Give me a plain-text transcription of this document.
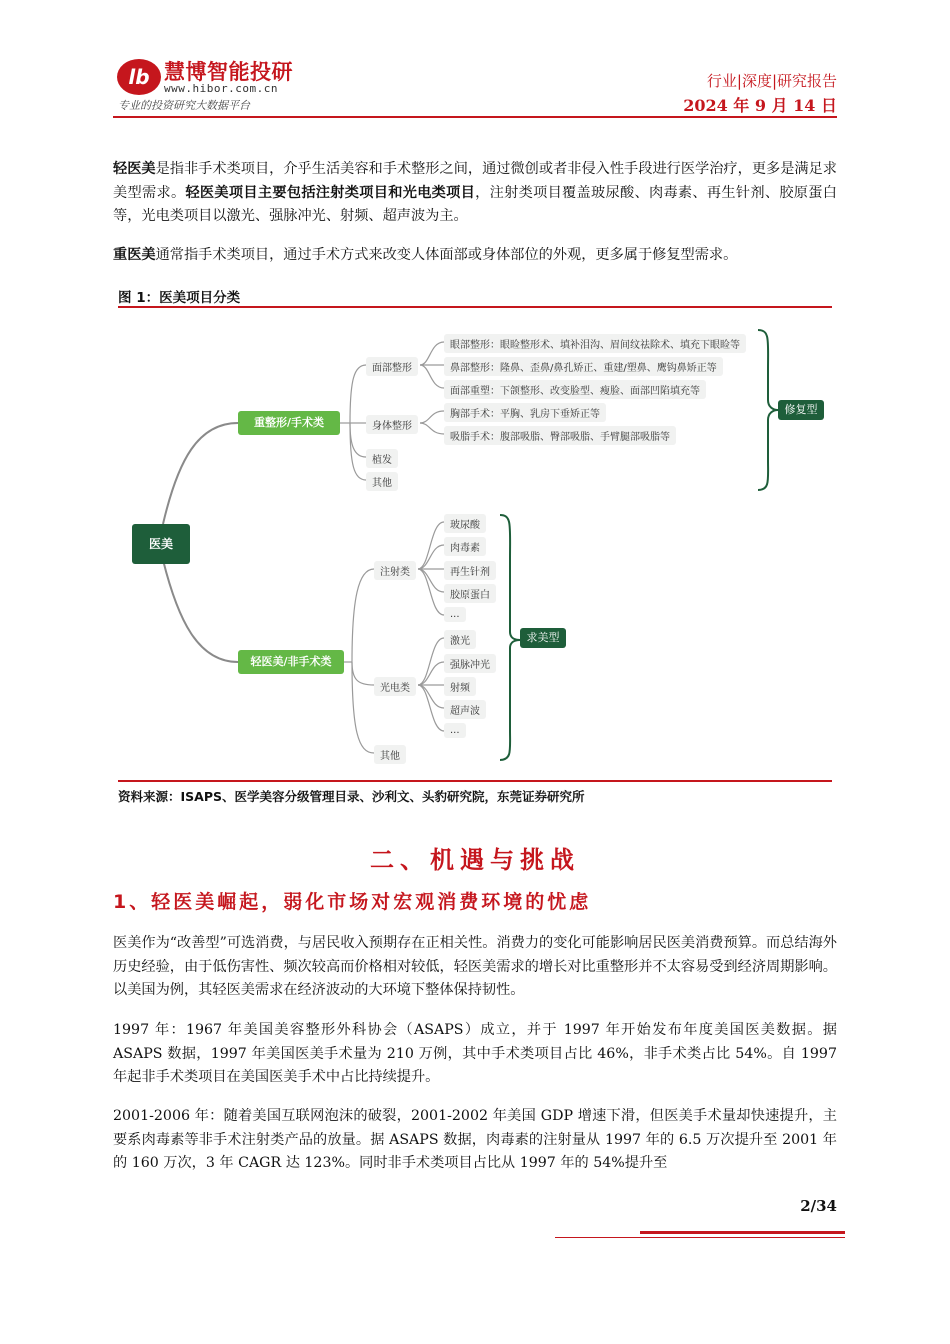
lb 慧博智能投研
www.hibor.com.cn
专业的投资研究大数据平台
行业|深度|研究报告
2024 年 9 月 14 日
轻医美是指非手术类项目，介乎生活美容和手术整形之间，通过微创或者非侵入性手段进行医学治疗，更多是满足求美型需求。轻医美项目主要包括注射类项目和光电类项目，注射类项目覆盖玻尿酸、肉毒素、再生针剂、胶原蛋白等，光电类项目以激光、强脉冲光、射频、超声波为主。
重医美通常指手术类项目，通过手术方式来改变人体面部或身体部位的外观，更多属于修复型需求。
图 1：医美项目分类
医美
重整形/手术类
轻医美/非手术类
修复型
求美型
面部整形
身体整形
植发
其他
眼部整形：眼睑整形术、填补泪沟、眉间纹祛除术、填充下眼睑等
鼻部整形：隆鼻、歪鼻/鼻孔矫正、重建/塑鼻、鹰钩鼻矫正等
面部重塑：下颌整形、改变脸型、瘦脸、面部凹陷填充等
胸部手术：平胸、乳房下垂矫正等
吸脂手术：腹部吸脂、臀部吸脂、手臂腿部吸脂等
注射类
光电类
其他
玻尿酸
肉毒素
再生针剂
胶原蛋白
...
激光
强脉冲光
射频
超声波
...
资料来源：ISAPS、医学美容分级管理目录、沙利文、头豹研究院，东莞证券研究所
二、机遇与挑战
1、轻医美崛起，弱化市场对宏观消费环境的忧虑
医美作为“改善型”可选消费，与居民收入预期存在正相关性。消费力的变化可能影响居民医美消费预算。而总结海外历史经验，由于低伤害性、频次较高而价格相对较低，轻医美需求的增长对比重整形并不太容易受到经济周期影响。以美国为例，其轻医美需求在经济波动的大环境下整体保持韧性。
1997 年：1967 年美国美容整形外科协会（ASAPS）成立，并于 1997 年开始发布年度美国医美数据。据 ASAPS 数据，1997 年美国医美手术量为 210 万例，其中手术类项目占比 46%，非手术类占比 54%。自 1997 年起非手术类项目在美国医美手术中占比持续提升。
2001-2006 年：随着美国互联网泡沫的破裂，2001-2002 年美国 GDP 增速下滑，但医美手术量却快速提升，主要系肉毒素等非手术注射类产品的放量。据 ASAPS 数据，肉毒素的注射量从 1997 年的 6.5 万次提升至 2001 年的 160 万次，3 年 CAGR 达 123%。同时非手术类项目占比从 1997 年的 54%提升至
2/34
